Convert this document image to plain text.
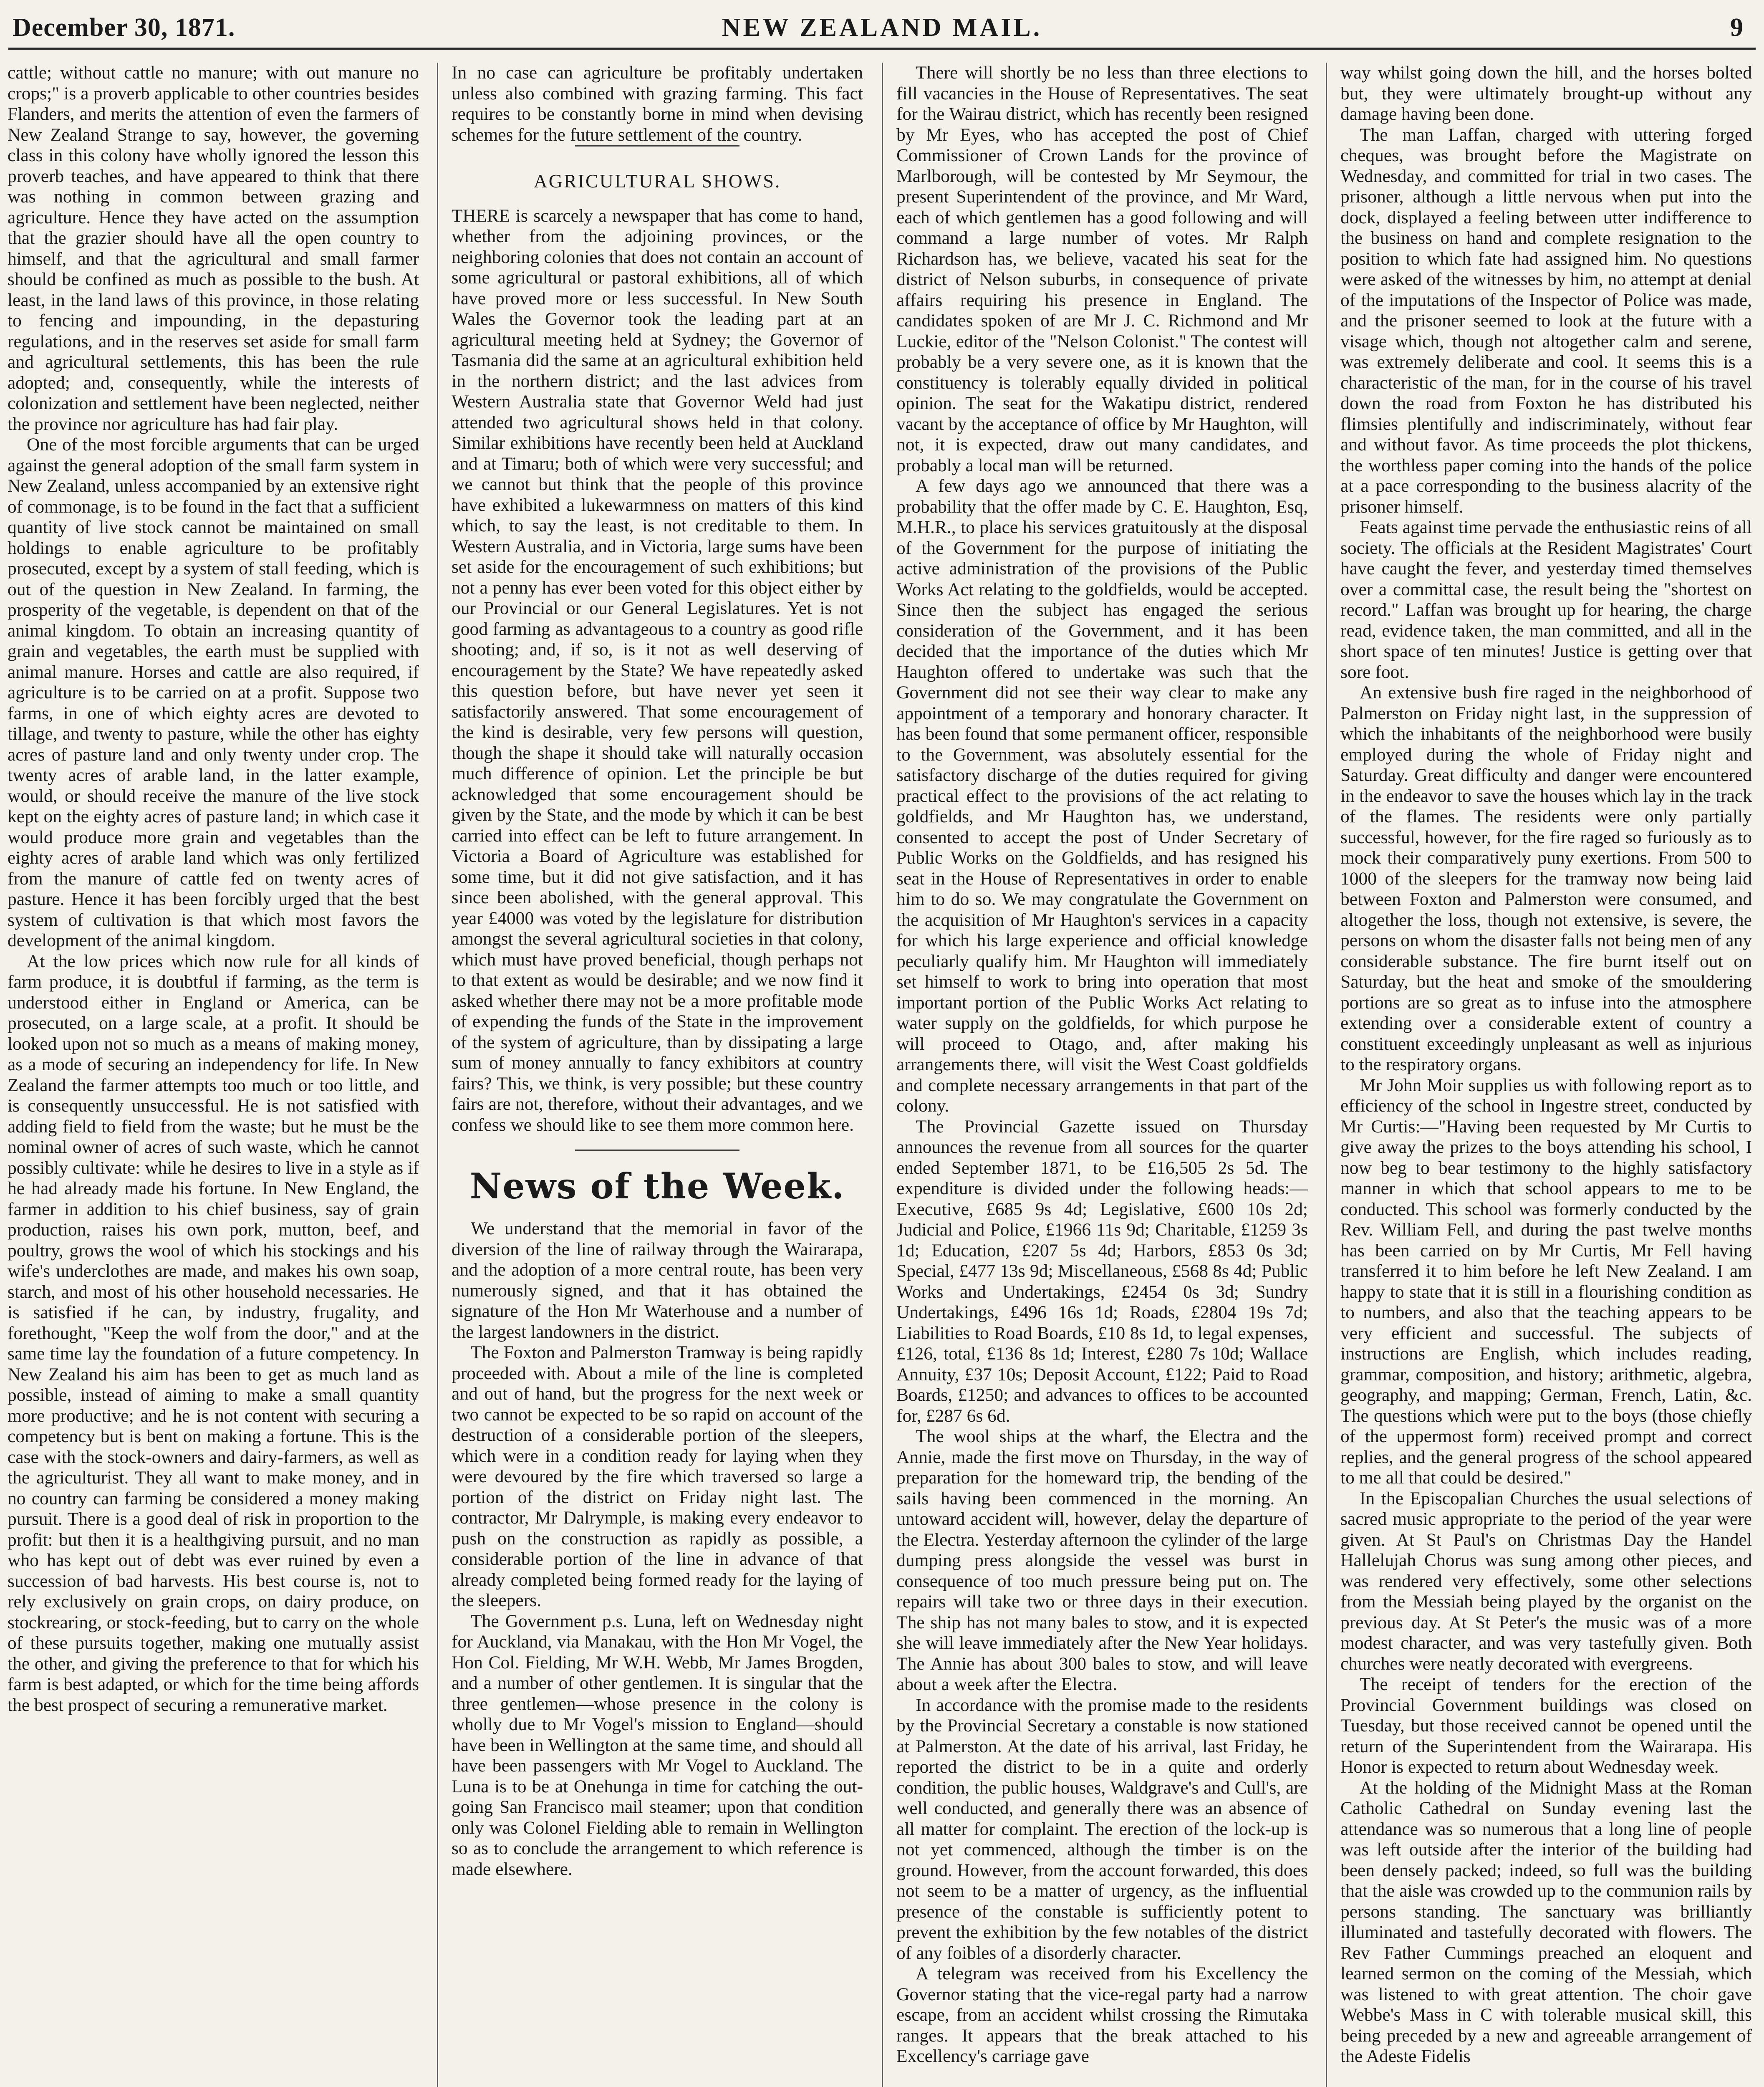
December 30, 1871.	NEW ZEALAND MAIL.	9

cattle; without cattle no manure; with out manure no crops;" is a proverb applicable to other countries besides Flanders, and merits the attention of even the farmers of New Zealand Strange to say, however, the governing class in this colony have wholly ignored the lesson this proverb teaches, and have appeared to think that there was nothing in common between grazing and agriculture. Hence they have acted on the assumption that the grazier should have all the open country to himself, and that the agricultural and small farmer should be confined as much as possible to the bush. At least, in the land laws of this province, in those relating to fencing and impounding, in the depasturing regulations, and in the reserves set aside for small farm and agricultural settlements, this has been the rule adopted; and, consequently, while the interests of colonization and settlement have been neglected, neither the province nor agriculture has had fair play.

One of the most forcible arguments that can be urged against the general adoption of the small farm system in New Zealand, unless accompanied by an extensive right of commonage, is to be found in the fact that a sufficient quantity of live stock cannot be maintained on small holdings to enable agriculture to be profitably prosecuted, except by a system of stall feeding, which is out of the question in New Zealand. In farming, the prosperity of the vegetable, is dependent on that of the animal kingdom. To obtain an increasing quantity of grain and vegetables, the earth must be supplied with animal manure. Horses and cattle are also required, if agriculture is to be carried on at a profit. Suppose two farms, in one of which eighty acres are devoted to tillage, and twenty to pasture, while the other has eighty acres of pasture land and only twenty under crop. The twenty acres of arable land, in the latter example, would, or should receive the manure of the live stock kept on the eighty acres of pasture land; in which case it would produce more grain and vegetables than the eighty acres of arable land which was only fertilized from the manure of cattle fed on twenty acres of pasture. Hence it has been forcibly urged that the best system of cultivation is that which most favors the development of the animal kingdom.

At the low prices which now rule for all kinds of farm produce, it is doubtful if farming, as the term is understood either in England or America, can be prosecuted, on a large scale, at a profit. It should be looked upon not so much as a means of making money, as a mode of securing an independency for life. In New Zealand the farmer attempts too much or too little, and is consequently unsuccessful. He is not satisfied with adding field to field from the waste; but he must be the nominal owner of acres of such waste, which he cannot possibly cultivate: while he desires to live in a style as if he had already made his fortune. In New England, the farmer in addition to his chief business, say of grain production, raises his own pork, mutton, beef, and poultry, grows the wool of which his stockings and his wife's underclothes are made, and makes his own soap, starch, and most of his other household necessaries. He is satisfied if he can, by industry, frugality, and forethought, "Keep the wolf from the door," and at the same time lay the foundation of a future competency. In New Zealand his aim has been to get as much land as possible, instead of aiming to make a small quantity more productive; and he is not content with securing a competency but is bent on making a fortune. This is the case with the stock-owners and dairy-farmers, as well as the agriculturist. They all want to make money, and in no country can farming be considered a money making pursuit. There is a good deal of risk in proportion to the profit: but then it is a healthgiving pursuit, and no man who has kept out of debt was ever ruined by even a succession of bad harvests. His best course is, not to rely exclusively on grain crops, on dairy produce, on stockrearing, or stock-feeding, but to carry on the whole of these pursuits together, making one mutually assist the other, and giving the preference to that for which his farm is best adapted, or which for the time being affords the best prospect of securing a remunerative market.

In no case can agriculture be profitably undertaken unless also combined with grazing farming. This fact requires to be constantly borne in mind when devising schemes for the future settlement of the country.

AGRICULTURAL SHOWS.

THERE is scarcely a newspaper that has come to hand, whether from the adjoining provinces, or the neighboring colonies that does not contain an account of some agricultural or pastoral exhibitions, all of which have proved more or less successful. In New South Wales the Governor took the leading part at an agricultural meeting held at Sydney; the Governor of Tasmania did the same at an agricultural exhibition held in the northern district; and the last advices from Western Australia state that Governor Weld had just attended two agricultural shows held in that colony. Similar exhibitions have recently been held at Auckland and at Timaru; both of which were very successful; and we cannot but think that the people of this province have exhibited a lukewarmness on matters of this kind which, to say the least, is not creditable to them. In Western Australia, and in Victoria, large sums have been set aside for the encouragement of such exhibitions; but not a penny has ever been voted for this object either by our Provincial or our General Legislatures. Yet is not good farming as advantageous to a country as good rifle shooting; and, if so, is it not as well deserving of encouragement by the State? We have repeatedly asked this question before, but have never yet seen it satisfactorily answered. That some encouragement of the kind is desirable, very few persons will question, though the shape it should take will naturally occasion much difference of opinion. Let the principle be but acknowledged that some encouragement should be given by the State, and the mode by which it can be best carried into effect can be left to future arrangement. In Victoria a Board of Agriculture was established for some time, but it did not give satisfaction, and it has since been abolished, with the general approval. This year £4000 was voted by the legislature for distribution amongst the several agricultural societies in that colony, which must have proved beneficial, though perhaps not to that extent as would be desirable; and we now find it asked whether there may not be a more profitable mode of expending the funds of the State in the improvement of the system of agriculture, than by dissipating a large sum of money annually to fancy exhibitors at country fairs? This, we think, is very possible; but these country fairs are not, therefore, without their advantages, and we confess we should like to see them more common here.

News of the Week.

We understand that the memorial in favor of the diversion of the line of railway through the Wairarapa, and the adoption of a more central route, has been very numerously signed, and that it has obtained the signature of the Hon Mr Waterhouse and a number of the largest landowners in the district.

The Foxton and Palmerston Tramway is being rapidly proceeded with. About a mile of the line is completed and out of hand, but the progress for the next week or two cannot be expected to be so rapid on account of the destruction of a considerable portion of the sleepers, which were in a condition ready for laying when they were devoured by the fire which traversed so large a portion of the district on Friday night last. The contractor, Mr Dalrymple, is making every endeavor to push on the construction as rapidly as possible, a considerable portion of the line in advance of that already completed being formed ready for the laying of the sleepers.

The Government p.s. Luna, left on Wednesday night for Auckland, via Manakau, with the Hon Mr Vogel, the Hon Col. Fielding, Mr W.H. Webb, Mr James Brogden, and a number of other gentlemen. It is singular that the three gentlemen—whose presence in the colony is wholly due to Mr Vogel's mission to England—should have been in Wellington at the same time, and should all have been passengers with Mr Vogel to Auckland. The Luna is to be at Onehunga in time for catching the out-going San Francisco mail steamer; upon that condition only was Colonel Fielding able to remain in Wellington so as to conclude the arrangement to which reference is made elsewhere.

There will shortly be no less than three elections to fill vacancies in the House of Representatives. The seat for the Wairau district, which has recently been resigned by Mr Eyes, who has accepted the post of Chief Commissioner of Crown Lands for the province of Marlborough, will be contested by Mr Seymour, the present Superintendent of the province, and Mr Ward, each of which gentlemen has a good following and will command a large number of votes. Mr Ralph Richardson has, we believe, vacated his seat for the district of Nelson suburbs, in consequence of private affairs requiring his presence in England. The candidates spoken of are Mr J. C. Richmond and Mr Luckie, editor of the "Nelson Colonist." The contest will probably be a very severe one, as it is known that the constituency is tolerably equally divided in political opinion. The seat for the Wakatipu district, rendered vacant by the acceptance of office by Mr Haughton, will not, it is expected, draw out many candidates, and probably a local man will be returned.

A few days ago we announced that there was a probability that the offer made by C. E. Haughton, Esq, M.H.R., to place his services gratuitously at the disposal of the Government for the purpose of initiating the active administration of the provisions of the Public Works Act relating to the goldfields, would be accepted. Since then the subject has engaged the serious consideration of the Government, and it has been decided that the importance of the duties which Mr Haughton offered to undertake was such that the Government did not see their way clear to make any appointment of a temporary and honorary character. It has been found that some permanent officer, responsible to the Government, was absolutely essential for the satisfactory discharge of the duties required for giving practical effect to the provisions of the act relating to goldfields, and Mr Haughton has, we understand, consented to accept the post of Under Secretary of Public Works on the Goldfields, and has resigned his seat in the House of Representatives in order to enable him to do so. We may congratulate the Government on the acquisition of Mr Haughton's services in a capacity for which his large experience and official knowledge peculiarly qualify him. Mr Haughton will immediately set himself to work to bring into operation that most important portion of the Public Works Act relating to water supply on the goldfields, for which purpose he will proceed to Otago, and, after making his arrangements there, will visit the West Coast goldfields and complete necessary arrangements in that part of the colony.

The Provincial Gazette issued on Thursday announces the revenue from all sources for the quarter ended September 1871, to be £16,505 2s 5d. The expenditure is divided under the following heads:—Executive, £685 9s 4d; Legislative, £600 10s 2d; Judicial and Police, £1966 11s 9d; Charitable, £1259 3s 1d; Education, £207 5s 4d; Harbors, £853 0s 3d; Special, £477 13s 9d; Miscellaneous, £568 8s 4d; Public Works and Undertakings, £2454 0s 3d; Sundry Undertakings, £496 16s 1d; Roads, £2804 19s 7d; Liabilities to Road Boards, £10 8s 1d, to legal expenses, £126, total, £136 8s 1d; Interest, £280 7s 10d; Wallace Annuity, £37 10s; Deposit Account, £122; Paid to Road Boards, £1250; and advances to offices to be accounted for, £287 6s 6d.

The wool ships at the wharf, the Electra and the Annie, made the first move on Thursday, in the way of preparation for the homeward trip, the bending of the sails having been commenced in the morning. An untoward accident will, however, delay the departure of the Electra. Yesterday afternoon the cylinder of the large dumping press alongside the vessel was burst in consequence of too much pressure being put on. The repairs will take two or three days in their execution. The ship has not many bales to stow, and it is expected she will leave immediately after the New Year holidays. The Annie has about 300 bales to stow, and will leave about a week after the Electra.

In accordance with the promise made to the residents by the Provincial Secretary a constable is now stationed at Palmerston. At the date of his arrival, last Friday, he reported the district to be in a quite and orderly condition, the public houses, Waldgrave's and Cull's, are well conducted, and generally there was an absence of all matter for complaint. The erection of the lock-up is not yet commenced, although the timber is on the ground. However, from the account forwarded, this does not seem to be a matter of urgency, as the influential presence of the constable is sufficiently potent to prevent the exhibition by the few notables of the district of any foibles of a disorderly character.

A telegram was received from his Excellency the Governor stating that the vice-regal party had a narrow escape, from an accident whilst crossing the Rimutaka ranges. It appears that the break attached to his Excellency's carriage gave

way whilst going down the hill, and the horses bolted but, they were ultimately brought-up without any damage having been done.

The man Laffan, charged with uttering forged cheques, was brought before the Magistrate on Wednesday, and committed for trial in two cases. The prisoner, although a little nervous when put into the dock, displayed a feeling between utter indifference to the business on hand and complete resignation to the position to which fate had assigned him. No questions were asked of the witnesses by him, no attempt at denial of the imputations of the Inspector of Police was made, and the prisoner seemed to look at the future with a visage which, though not altogether calm and serene, was extremely deliberate and cool. It seems this is a characteristic of the man, for in the course of his travel down the road from Foxton he has distributed his flimsies plentifully and indiscriminately, without fear and without favor. As time proceeds the plot thickens, the worthless paper coming into the hands of the police at a pace corresponding to the business alacrity of the prisoner himself.

Feats against time pervade the enthusiastic reins of all society. The officials at the Resident Magistrates' Court have caught the fever, and yesterday timed themselves over a committal case, the result being the "shortest on record." Laffan was brought up for hearing, the charge read, evidence taken, the man committed, and all in the short space of ten minutes! Justice is getting over that sore foot.

An extensive bush fire raged in the neighborhood of Palmerston on Friday night last, in the suppression of which the inhabitants of the neighborhood were busily employed during the whole of Friday night and Saturday. Great difficulty and danger were encountered in the endeavor to save the houses which lay in the track of the flames. The residents were only partially successful, however, for the fire raged so furiously as to mock their comparatively puny exertions. From 500 to 1000 of the sleepers for the tramway now being laid between Foxton and Palmerston were consumed, and altogether the loss, though not extensive, is severe, the persons on whom the disaster falls not being men of any considerable substance. The fire burnt itself out on Saturday, but the heat and smoke of the smouldering portions are so great as to infuse into the atmosphere extending over a considerable extent of country a constituent exceedingly unpleasant as well as injurious to the respiratory organs.

Mr John Moir supplies us with following report as to efficiency of the school in Ingestre street, conducted by Mr Curtis:—"Having been requested by Mr Curtis to give away the prizes to the boys attending his school, I now beg to bear testimony to the highly satisfactory manner in which that school appears to me to be conducted. This school was formerly conducted by the Rev. William Fell, and during the past twelve months has been carried on by Mr Curtis, Mr Fell having transferred it to him before he left New Zealand. I am happy to state that it is still in a flourishing condition as to numbers, and also that the teaching appears to be very efficient and successful. The subjects of instructions are English, which includes reading, grammar, composition, and history; arithmetic, algebra, geography, and mapping; German, French, Latin, &c. The questions which were put to the boys (those chiefly of the uppermost form) received prompt and correct replies, and the general progress of the school appeared to me all that could be desired."

In the Episcopalian Churches the usual selections of sacred music appropriate to the period of the year were given. At St Paul's on Christmas Day the Handel Hallelujah Chorus was sung among other pieces, and was rendered very effectively, some other selections from the Messiah being played by the organist on the previous day. At St Peter's the music was of a more modest character, and was very tastefully given. Both churches were neatly decorated with evergreens.

The receipt of tenders for the erection of the Provincial Government buildings was closed on Tuesday, but those received cannot be opened until the return of the Superintendent from the Wairarapa. His Honor is expected to return about Wednesday week.

At the holding of the Midnight Mass at the Roman Catholic Cathedral on Sunday evening last the attendance was so numerous that a long line of people was left outside after the interior of the building had been densely packed; indeed, so full was the building that the aisle was crowded up to the communion rails by persons standing. The sanctuary was brilliantly illuminated and tastefully decorated with flowers. The Rev Father Cummings preached an eloquent and learned sermon on the coming of the Messiah, which was listened to with great attention. The choir gave Webbe's Mass in C with tolerable musical skill, this being preceded by a new and agreeable arrangement of the Adeste Fidelis
